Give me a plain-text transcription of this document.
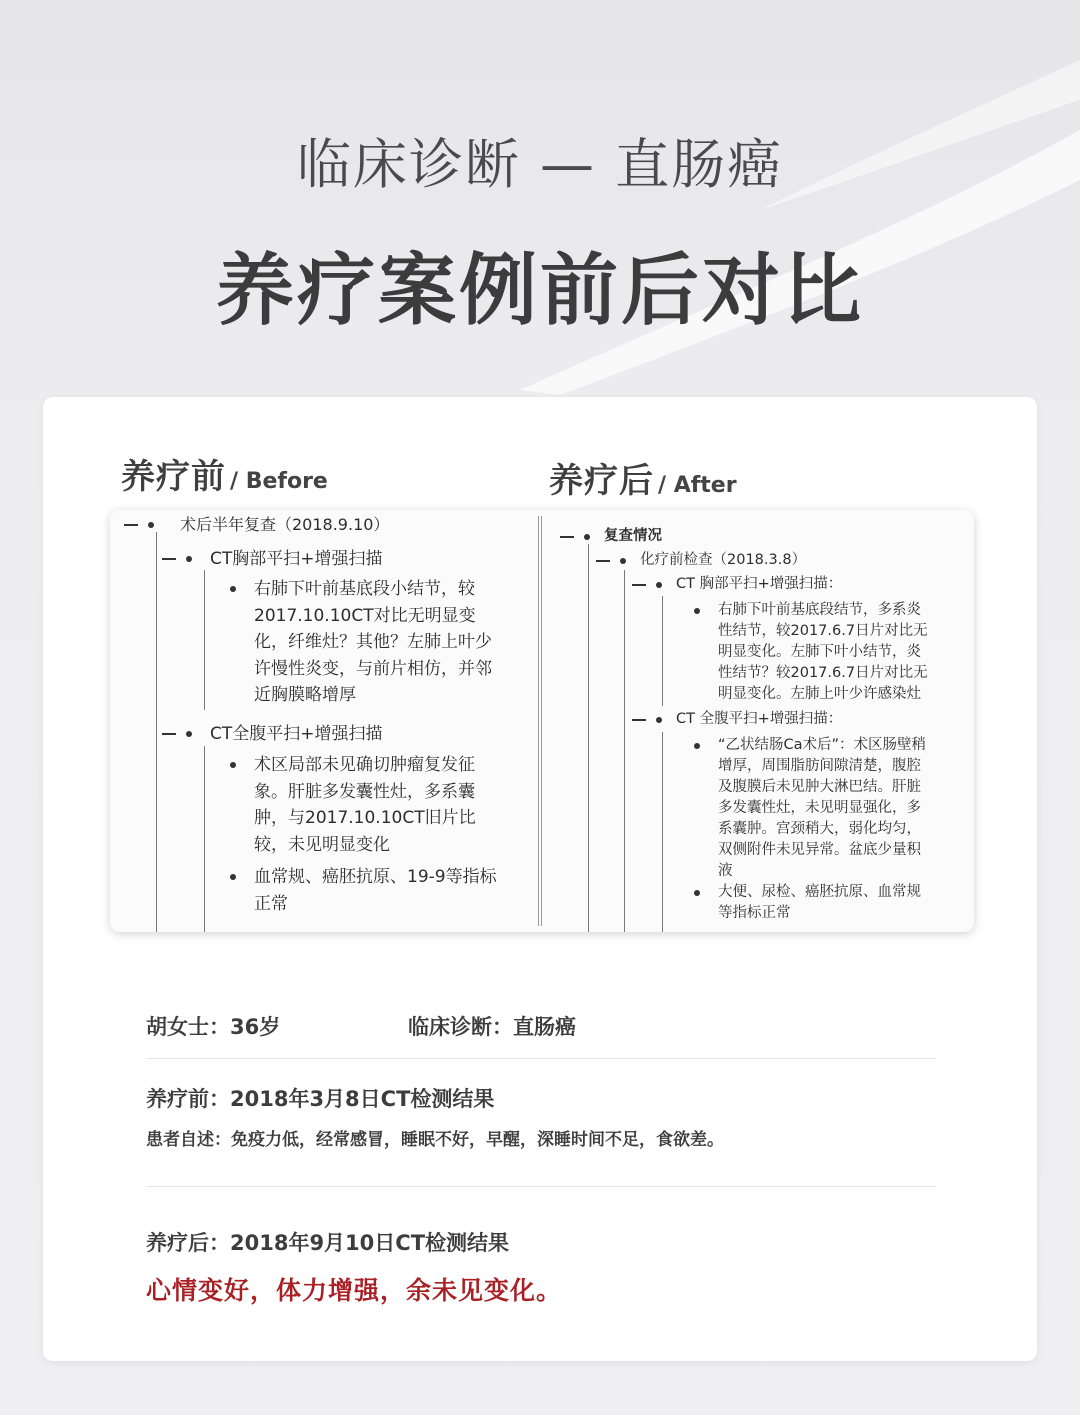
临床诊断 — 直肠癌
养疗案例前后对比
养疗前 / Before	养疗后 / After
术后半年复查（2018.9.10）
CT胸部平扫+增强扫描
右肺下叶前基底段小结节，较
2017.10.10CT对比无明显变
化，纤维灶？其他？左肺上叶少
许慢性炎变，与前片相仿，并邻
近胸膜略增厚
CT全腹平扫+增强扫描
术区局部未见确切肿瘤复发征
象。肝脏多发囊性灶，多系囊
肿，与2017.10.10CT旧片比
较，未见明显变化
血常规、癌胚抗原、19-9等指标
正常
复查情况
化疗前检查（2018.3.8）
CT 胸部平扫+增强扫描：
右肺下叶前基底段结节，多系炎
性结节，较2017.6.7日片对比无
明显变化。左肺下叶小结节，炎
性结节？较2017.6.7日片对比无
明显变化。左肺上叶少许感染灶
CT 全腹平扫+增强扫描：
“乙状结肠Ca术后”：术区肠壁稍
增厚，周围脂肪间隙清楚，腹腔
及腹膜后未见肿大淋巴结。肝脏
多发囊性灶，未见明显强化，多
系囊肿。宫颈稍大，弱化均匀，
双侧附件未见异常。盆底少量积
液
大便、尿检、癌胚抗原、血常规
等指标正常
胡女士：36岁	临床诊断：直肠癌
养疗前：2018年3月8日CT检测结果
患者自述：免疫力低，经常感冒，睡眠不好，早醒，深睡时间不足，食欲差。
养疗后：2018年9月10日CT检测结果
心情变好，体力增强，余未见变化。
